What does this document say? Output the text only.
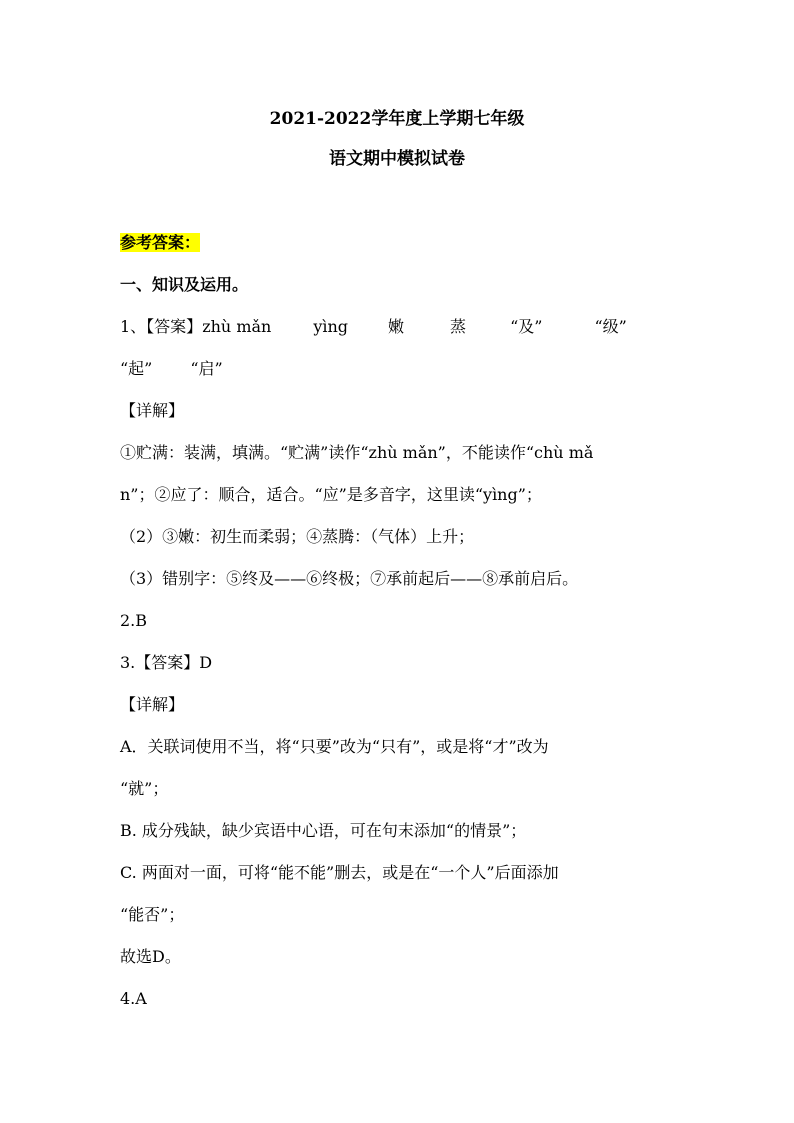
2021-2022学年度上学期七年级
语文期中模拟试卷
参考答案：
一、知识及运用。
1、【答案】zhù mǎn	yìng	嫩	蒸	“及”	“级”
“起” “启”
【详解】
①贮满：装满，填满。“贮满”读作“zhù mǎn”，不能读作“chù mǎ
n”；②应了：顺合，适合。“应”是多音字，这里读“yìng”；
（2）③嫩：初生而柔弱；④蒸腾：（气体）上升；
（3）错别字：⑤终及——⑥终极；⑦承前起后——⑧承前启后。
2.B
3.【答案】D
【详解】
A．关联词使用不当，将“只要”改为“只有”，或是将“才”改为
“就”；
B. 成分残缺，缺少宾语中心语，可在句末添加“的情景”；
C. 两面对一面，可将“能不能”删去，或是在“一个人”后面添加
“能否”；
故选D。
4.A
